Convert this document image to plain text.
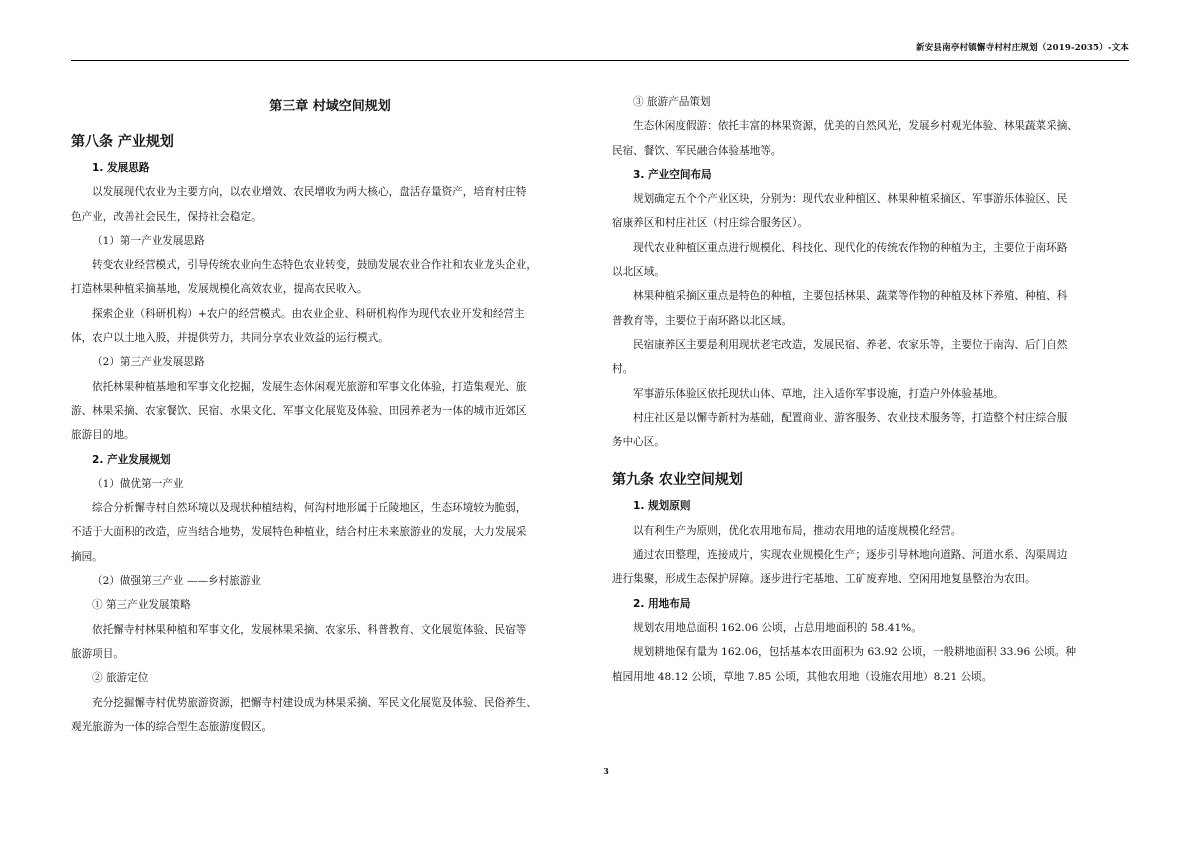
新安县南亭村镇懈寺村村庄规划（2019-2035）-文本
第三章 村域空间规划
第八条 产业规划
1. 发展思路
以发展现代农业为主要方向，以农业增效、农民增收为两大核心，盘活存量资产，培育村庄特
色产业，改善社会民生，保持社会稳定。
（1）第一产业发展思路
转变农业经营模式，引导传统农业向生态特色农业转变，鼓励发展农业合作社和农业龙头企业，
打造林果种植采摘基地，发展规模化高效农业，提高农民收入。
探索企业（科研机构）+农户的经营模式。由农业企业、科研机构作为现代农业开发和经营主
体，农户以土地入股，并提供劳力，共同分享农业效益的运行模式。
（2）第三产业发展思路
依托林果种植基地和军事文化挖掘，发展生态休闲观光旅游和军事文化体验，打造集观光、旅
游、林果采摘、农家餐饮、民宿、水果文化、军事文化展览及体验、田园养老为一体的城市近郊区
旅游目的地。
2. 产业发展规划
（1）做优第一产业
综合分析懈寺村自然环境以及现状种植结构，何沟村地形属于丘陵地区，生态环境较为脆弱，
不适于大面积的改造，应当结合地势，发展特色种植业，结合村庄未来旅游业的发展，大力发展采
摘园。
（2）做强第三产业 ——乡村旅游业
① 第三产业发展策略
依托懈寺村林果种植和军事文化，发展林果采摘、农家乐、科普教育、文化展览体验、民宿等
旅游项目。
② 旅游定位
充分挖掘懈寺村优势旅游资源，把懈寺村建设成为林果采摘、军民文化展览及体验、民俗养生、
观光旅游为一体的综合型生态旅游度假区。
③ 旅游产品策划
生态休闲度假游：依托丰富的林果资源，优美的自然风光，发展乡村观光体验、林果蔬菜采摘、
民宿、餐饮、军民融合体验基地等。
3. 产业空间布局
规划确定五个个产业区块，分别为：现代农业种植区、林果种植采摘区、军事游乐体验区、民
宿康养区和村庄社区（村庄综合服务区）。
现代农业种植区重点进行规模化、科技化、现代化的传统农作物的种植为主，主要位于南环路
以北区域。
林果种植采摘区重点是特色的种植，主要包括林果、蔬菜等作物的种植及林下养殖、种植、科
普教育等，主要位于南环路以北区域。
民宿康养区主要是利用现状老宅改造，发展民宿、养老、农家乐等，主要位于南沟、后门自然
村。
军事游乐体验区依托现状山体、草地，注入适你军事设施，打造户外体验基地。
村庄社区是以懈寺新村为基础，配置商业、游客服务、农业技术服务等，打造整个村庄综合服
务中心区。
第九条 农业空间规划
1. 规划原则
以有利生产为原则，优化农用地布局，推动农用地的适度规模化经营。
通过农田整理，连接成片，实现农业规模化生产；逐步引导林地向道路、河道水系、沟渠周边
进行集聚，形成生态保护屏障。逐步进行宅基地、工矿废弃地、空闲用地复垦整治为农田。
2. 用地布局
规划农用地总面积 162.06 公顷，占总用地面积的 58.41%。
规划耕地保有量为 162.06，包括基本农田面积为 63.92 公顷，一般耕地面积 33.96 公顷。种
植园用地 48.12 公顷，草地 7.85 公顷，其他农用地（设施农用地）8.21 公顷。
3
